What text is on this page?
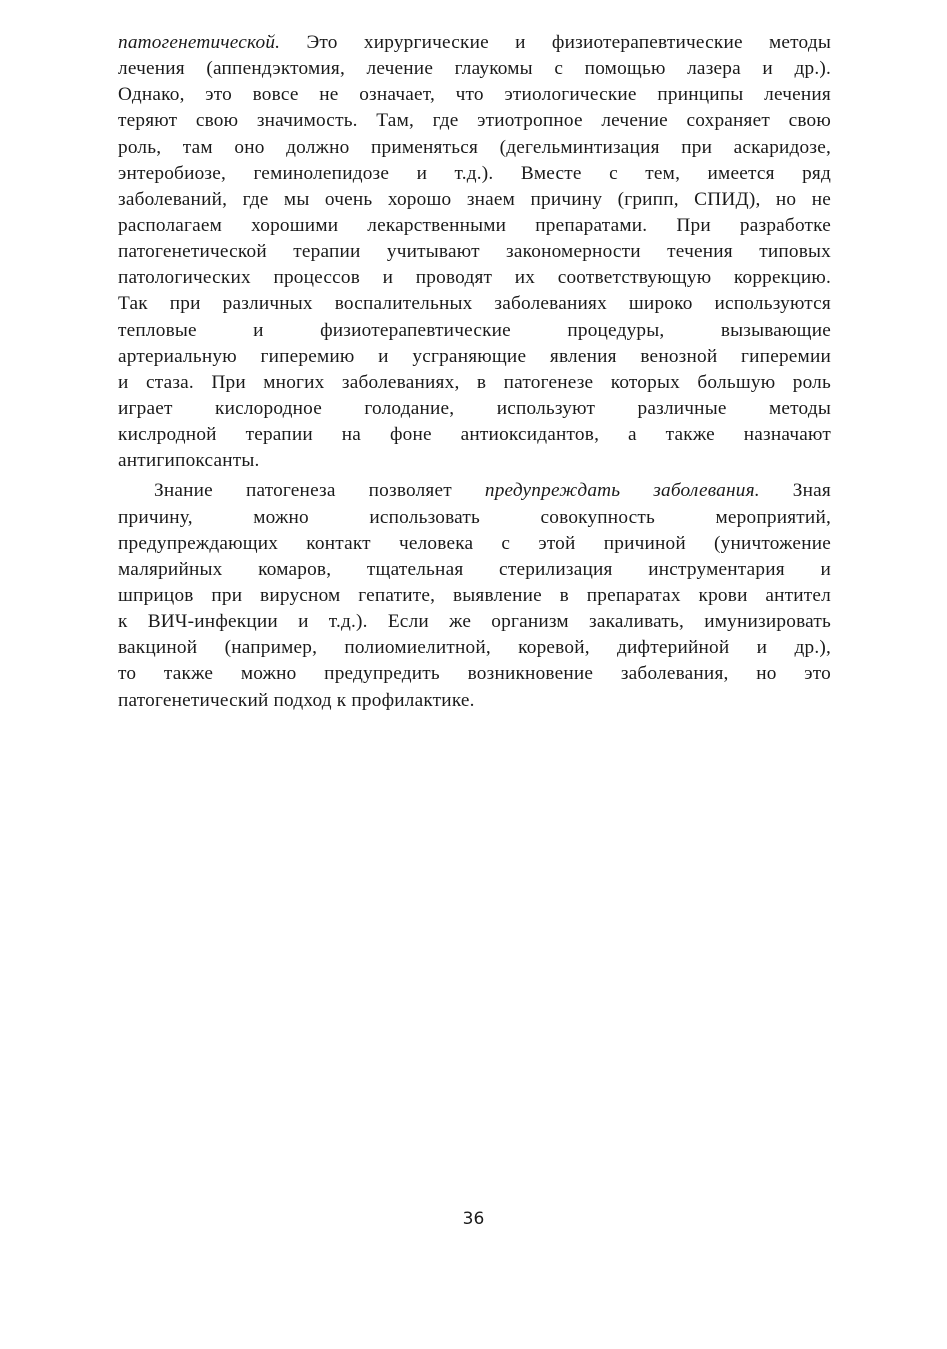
патогенетической. Это хирургические и физиотерапевтические методы
лечения (аппендэктомия, лечение глаукомы с помощью лазера и др.).
Однако, это вовсе не означает, что этиологические принципы лечения
теряют свою значимость. Там, где этиотропное лечение сохраняет свою
роль, там оно должно применяться (дегельминтизация при аскаридозе,
энтеробиозе, геминолепидозе и т.д.). Вместе с тем, имеется ряд
заболеваний, где мы очень хорошо знаем причину (грипп, СПИД), но не
располагаем хорошими лекарственными препаратами. При разработке
патогенетической терапии учитывают закономерности течения типовых
патологических процессов и проводят их соответствующую коррекцию.
Так при различных воспалительных заболеваниях широко используются
тепловые и физиотерапевтические процедуры, вызывающие
артериальную гиперемию и усграняющие явления венозной гиперемии
и стаза. При многих заболеваниях, в патогенезе которых большую роль
играет кислородное голодание, используют различные методы
кислродной терапии на фоне антиоксидантов, а также назначают
антигипоксанты.
Знание патогенеза позволяет предупреждать заболевания. Зная
причину, можно использовать совокупность мероприятий,
предупреждающих контакт человека с этой причиной (уничтожение
малярийных комаров, тщательная стерилизация инструментария и
шприцов при вирусном гепатите, выявление в препаратах крови антител
к ВИЧ-инфекции и т.д.). Если же организм закаливать, имунизировать
вакциной (например, полиомиелитной, коревой, дифтерийной и др.),
то также можно предупредить возникновение заболевания, но это
патогенетический подход к профилактике.
36
